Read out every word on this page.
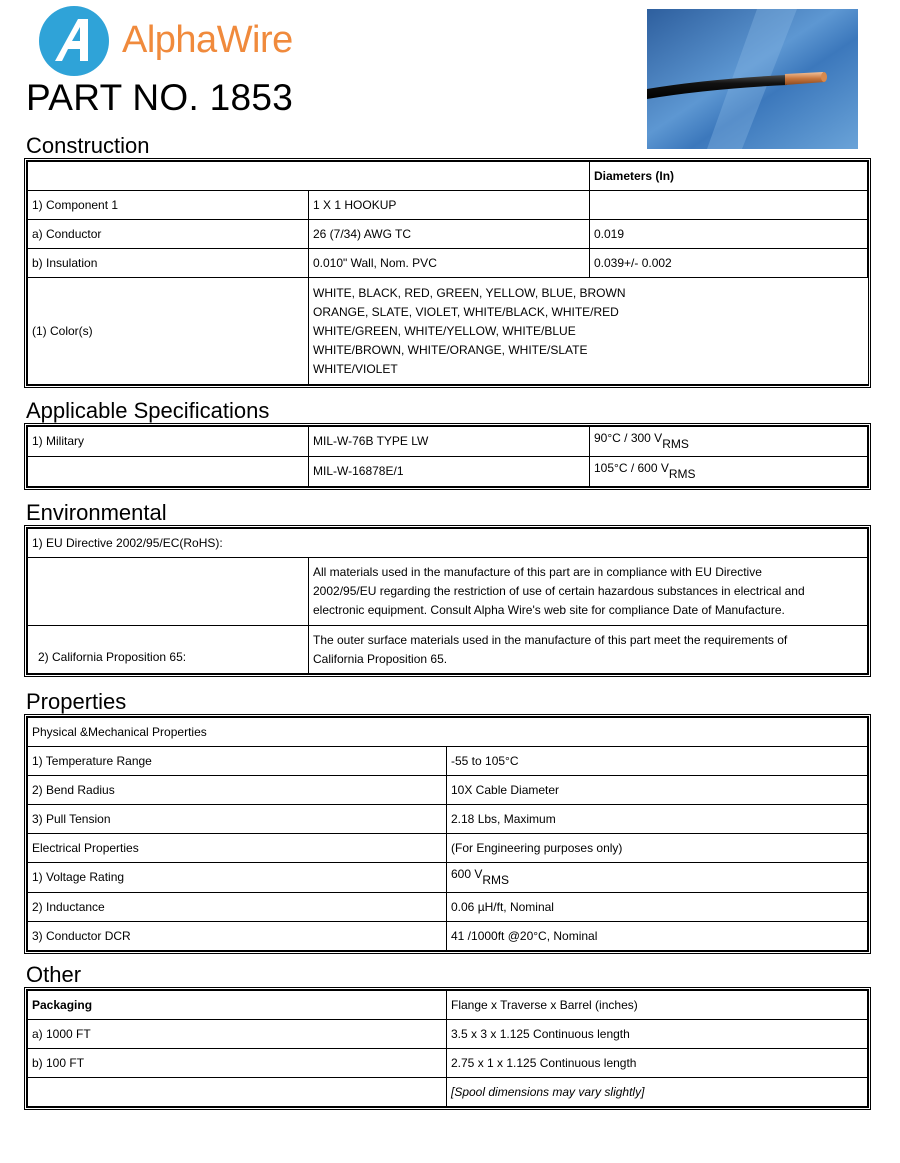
AlphaWire
PART NO. 1853
Construction
		Diameters (In)
1) Component 1	1 X 1 HOOKUP	
a) Conductor	26 (7/34) AWG TC	0.019
b) Insulation	0.010" Wall, Nom. PVC	0.039+/- 0.002
(1) Color(s)	WHITE, BLACK, RED, GREEN, YELLOW, BLUE, BROWN
ORANGE, SLATE, VIOLET, WHITE/BLACK, WHITE/RED
WHITE/GREEN, WHITE/YELLOW, WHITE/BLUE
WHITE/BROWN, WHITE/ORANGE, WHITE/SLATE
WHITE/VIOLET	
Applicable Specifications
1) Military	MIL-W-76B TYPE LW	90°C / 300 VRMS
	MIL-W-16878E/1	105°C / 600 VRMS
Environmental
1) EU Directive 2002/95/EC(RoHS):	

	All materials used in the manufacture of this part are in compliance with EU Directive
2002/95/EU regarding the restriction of use of certain hazardous substances in electrical and
electronic equipment. Consult Alpha Wire's web site for compliance Date of Manufacture.

2) California Proposition 65:	The outer surface materials used in the manufacture of this part meet the requirements of
California Proposition 65.
Properties
Physical &Mechanical Properties	
1) Temperature Range	-55 to 105°C
2) Bend Radius	10X Cable Diameter
3) Pull Tension	2.18 Lbs, Maximum
Electrical Properties	(For Engineering purposes only)
1) Voltage Rating	600 VRMS
2) Inductance	0.06 µH/ft, Nominal
3) Conductor DCR	41 /1000ft @20°C, Nominal
Other
Packaging	Flange x Traverse x Barrel (inches)
a) 1000 FT	3.5 x 3 x 1.125 Continuous length
b) 100 FT	2.75 x 1 x 1.125 Continuous length
	[Spool dimensions may vary slightly]
